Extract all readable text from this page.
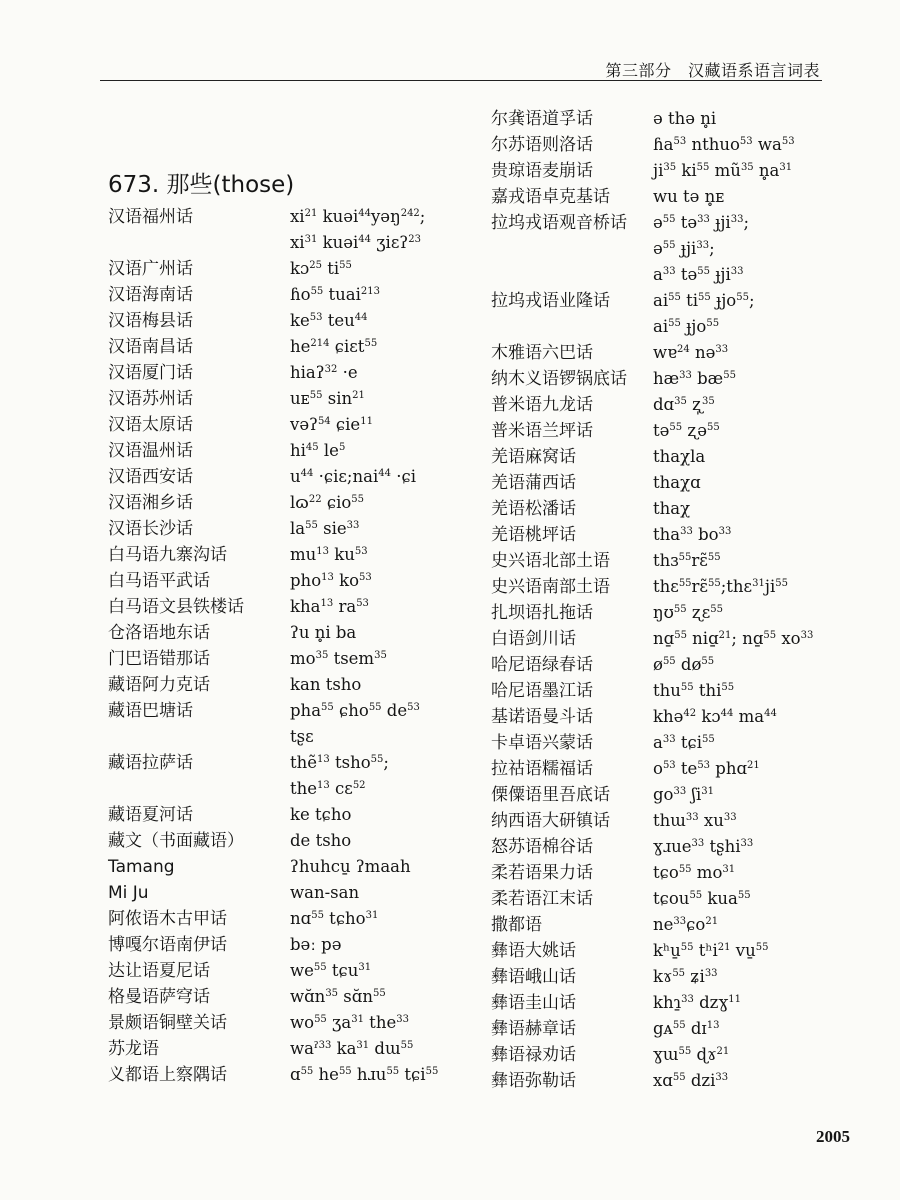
第三部分　汉藏语系语言词表
673. 那些(those)
汉语福州话	$xi^{21}$ kuəi$^{44}$yəŋ$^{242}$;
$xi^{31}$ kuəi$^{44}$ ʒiɛʔ$^{23}$
汉语广州话	kɔ$^{25}$ $ti^{55}$
汉语海南话	ɦo$^{55}$ tuai$^{213}$
汉语梅县话	$ke^{53}$ teu$^{44}$
汉语南昌话	$he^{214}$ ɕiɛt$^{55}$
汉语厦门话	hiaʔ$^{32}$ ·e
汉语苏州话	uᴇ$^{55}$ $\sin^{21}$
汉语太原话	vəʔ$^{54}$ ɕie$^{11}$
汉语温州话	$hi^{45}$ $le^5$
汉语西安话	$u^{44}$ ·ɕiɛ;nai$^{44}$ ·ɕi
汉语湘乡话	lɷ$^{22}$ ɕio$^{55}$
汉语长沙话	$la^{55}$ sie$^{33}$
白马语九寨沟话	$mu^{13}$ $ku^{53}$
白马语平武话	pho$^{13}$ $ko^{53}$
白马语文县铁楼话	kha$^{13}$ $ra^{53}$
仓洛语地东话	ʔu n̥i ba
门巴语错那话	$mo^{35}$ tsem$^{35}$
藏语阿力克话	kan tsho
藏语巴塘话	pha$^{55}$ ɕho$^{55}$ $de^{53}$
tʂɛ
藏语拉萨话	thẽ$^{13}$ tsho$^{55}$;
the$^{13}$ cɛ$^{52}$
藏语夏河话	ke tɕho
藏文（书面藏语）	de tsho
Tamang	ʔhuhcu̱ ʔmaah
Mi Ju	wan-san
阿侬语木古甲话	nɑ$^{55}$ tɕho$^{31}$
博嘎尔语南伊话	bəː pə
达让语夏尼话	$we^{55}$ tɕu$^{31}$
格曼语萨穹话	$wɑ̆n^{35}$ $sɑ̆n^{55}$
景颇语铜壁关话	$wo^{55}$ ʒa$^{31}$ the$^{33}$
苏龙语	waˀ$^{33}$ $ka^{31}$ dɯ$^{55}$
义都语上察隅话	ɑ$^{55}$ $he^{55}$ hɹu$^{55}$ tɕi$^{55}$
尔龚语道孚话	ə thə n̥i
尔苏语则洛话	ɦa$^{53}$ nthuo$^{53}$ $wa^{53}$
贵琼语麦崩话	$ji^{35}$ $ki^{55}$ $mũ^{35}$ $n̥a^{31}$
嘉戎语卓克基话	wu tə n̥ᴇ
拉坞戎语观音桥话	ə$^{55}$ tə$^{33}$ ɟji$^{33}$;
ə$^{55}$ ɟji$^{33}$;
$a^{33}$ tə$^{55}$ ɟji$^{33}$
拉坞戎语业隆话	$ai^{55}$ $ti^{55}$ ɟjo$^{55}$;
$ai^{55}$ ɟjo$^{55}$
木雅语六巴话	wɐ$^{24}$ nə$^{33}$
纳木义语锣锅底话	$hæ^{33}$ $bæ^{55}$
普米语九龙话	dɑ$^{35}$ ʐ̩$^{35}$
普米语兰坪话	tə$^{55}$ ʐə$^{55}$
羌语麻窝话	thaχla
羌语蒲西话	thaχɑ
羌语松潘话	thaχ
羌语桃坪话	tha$^{33}$ $bo^{33}$
史兴语北部土语	thɜ$^{55}$rɛ̃$^{55}$
史兴语南部土语	$thɛ^{55}rɛ̃^{55};thɛ^{31}ji^{55}$
扎坝语扎拖话	ŋʊ$^{55}$ ʐɛ$^{55}$
白语剑川话	nɑ̱$^{55}$ niɑ̱$^{21}$; nɑ̱$^{55}$ $xo^{33}$
哈尼语绿春话	$ø^{55}$ $dø^{55}$
哈尼语墨江话	thu$^{55}$ thi$^{55}$
基诺语曼斗话	khə$^{42}$ kɔ$^{44}$ $ma^{44}$
卡卓语兴蒙话	$a^{33}$ tɕi$^{55}$
拉祜语糯福话	$o^{53}$ $te^{53}$ phɑ$^{21}$
傈僳语里吾底话	$go^{33}$ ʃi$^{31}$
纳西语大研镇话	thɯ$^{33}$ $xu^{33}$
怒苏语棉谷话	ɣɹue$^{33}$ tʂhi$^{33}$
柔若语果力话	tɕo$^{55}$ $mo^{31}$
柔若语江末话	tɕou$^{55}$ kua$^{55}$
撒都语	$ne^{33}ɕo^{21}$
彝语大姚话	kʰu̱$^{55}$ tʰi$^{21}$ vu̱$^{55}$
彝语峨山话	kɤ$^{55}$ ʑi$^{33}$
彝语圭山话	khɿ̱$^{33}$ dzɣ$^{11}$
彝语赫章话	gᴀ$^{55}$ dɪ$^{13}$
彝语禄劝话	ɣɯ$^{55}$ ɖɤ$^{21}$
彝语弥勒话	xɑ$^{55}$ dzi$^{33}$
2005
